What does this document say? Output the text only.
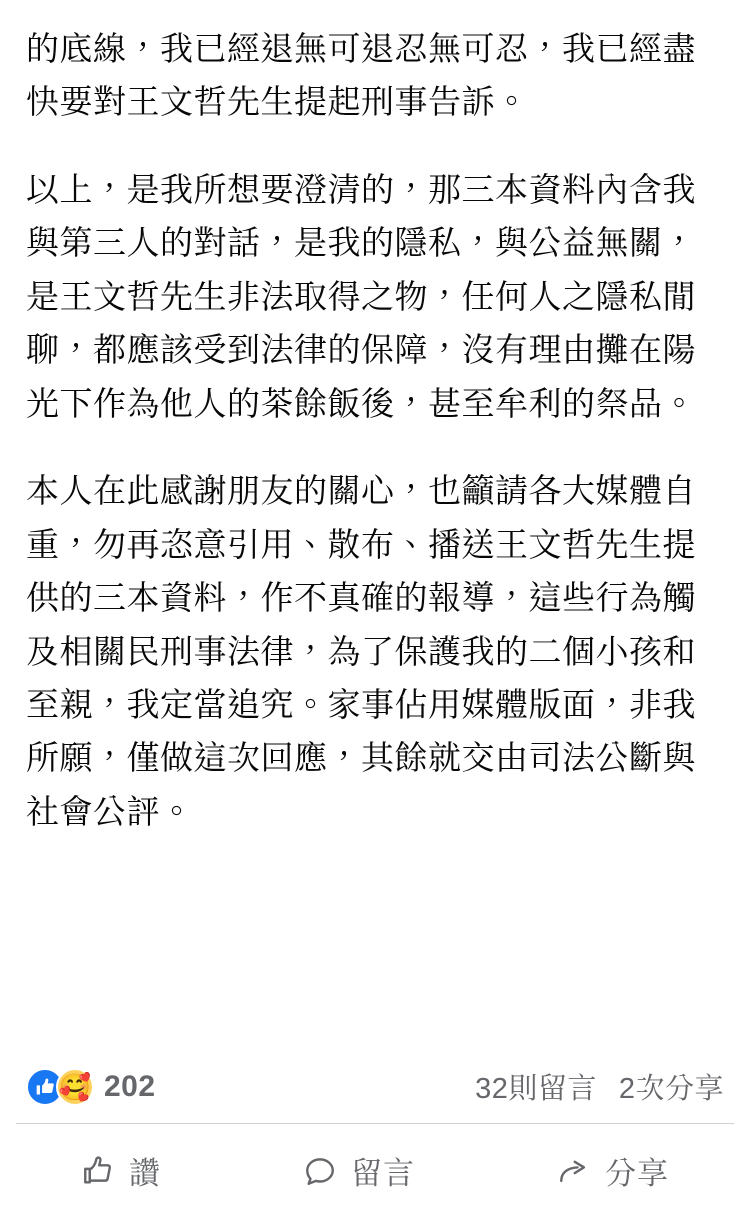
的底線，我已經退無可退忍無可忍，我已經盡快要對王文哲先生提起刑事告訴。

以上，是我所想要澄清的，那三本資料內含我與第三人的對話，是我的隱私，與公益無關，是王文哲先生非法取得之物，任何人之隱私閒聊，都應該受到法律的保障，沒有理由攤在陽光下作為他人的茶餘飯後，甚至牟利的祭品。

本人在此感謝朋友的關心，也籲請各大媒體自重，勿再恣意引用、散布、播送王文哲先生提供的三本資料，作不真確的報導，這些行為觸及相關民刑事法律，為了保護我的二個小孩和至親，我定當追究。家事佔用媒體版面，非我所願，僅做這次回應，其餘就交由司法公斷與社會公評。

🥰 202	32則留言 2次分享
讚	留言	分享
